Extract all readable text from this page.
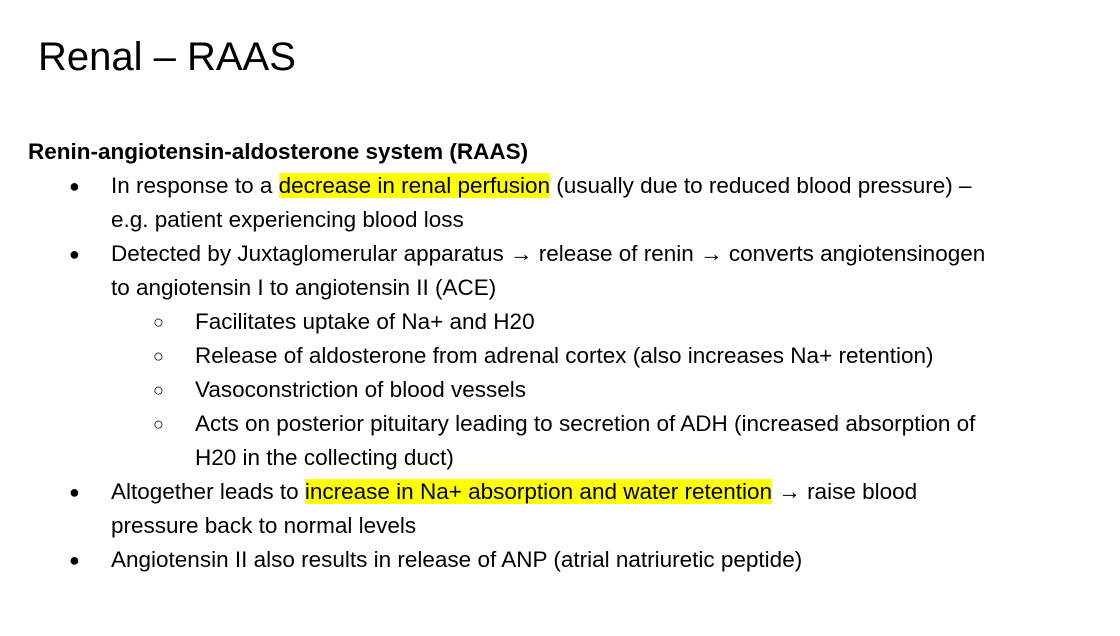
Renal – RAAS
Renin-angiotensin-aldosterone system (RAAS)
● In response to a decrease in renal perfusion (usually due to reduced blood pressure) –
e.g. patient experiencing blood loss
● Detected by Juxtaglomerular apparatus → release of renin → converts angiotensinogen
to angiotensin I to angiotensin II (ACE)
○ Facilitates uptake of Na+ and H20
○ Release of aldosterone from adrenal cortex (also increases Na+ retention)
○ Vasoconstriction of blood vessels
○ Acts on posterior pituitary leading to secretion of ADH (increased absorption of
H20 in the collecting duct)
● Altogether leads to increase in Na+ absorption and water retention → raise blood
pressure back to normal levels
● Angiotensin II also results in release of ANP (atrial natriuretic peptide)
